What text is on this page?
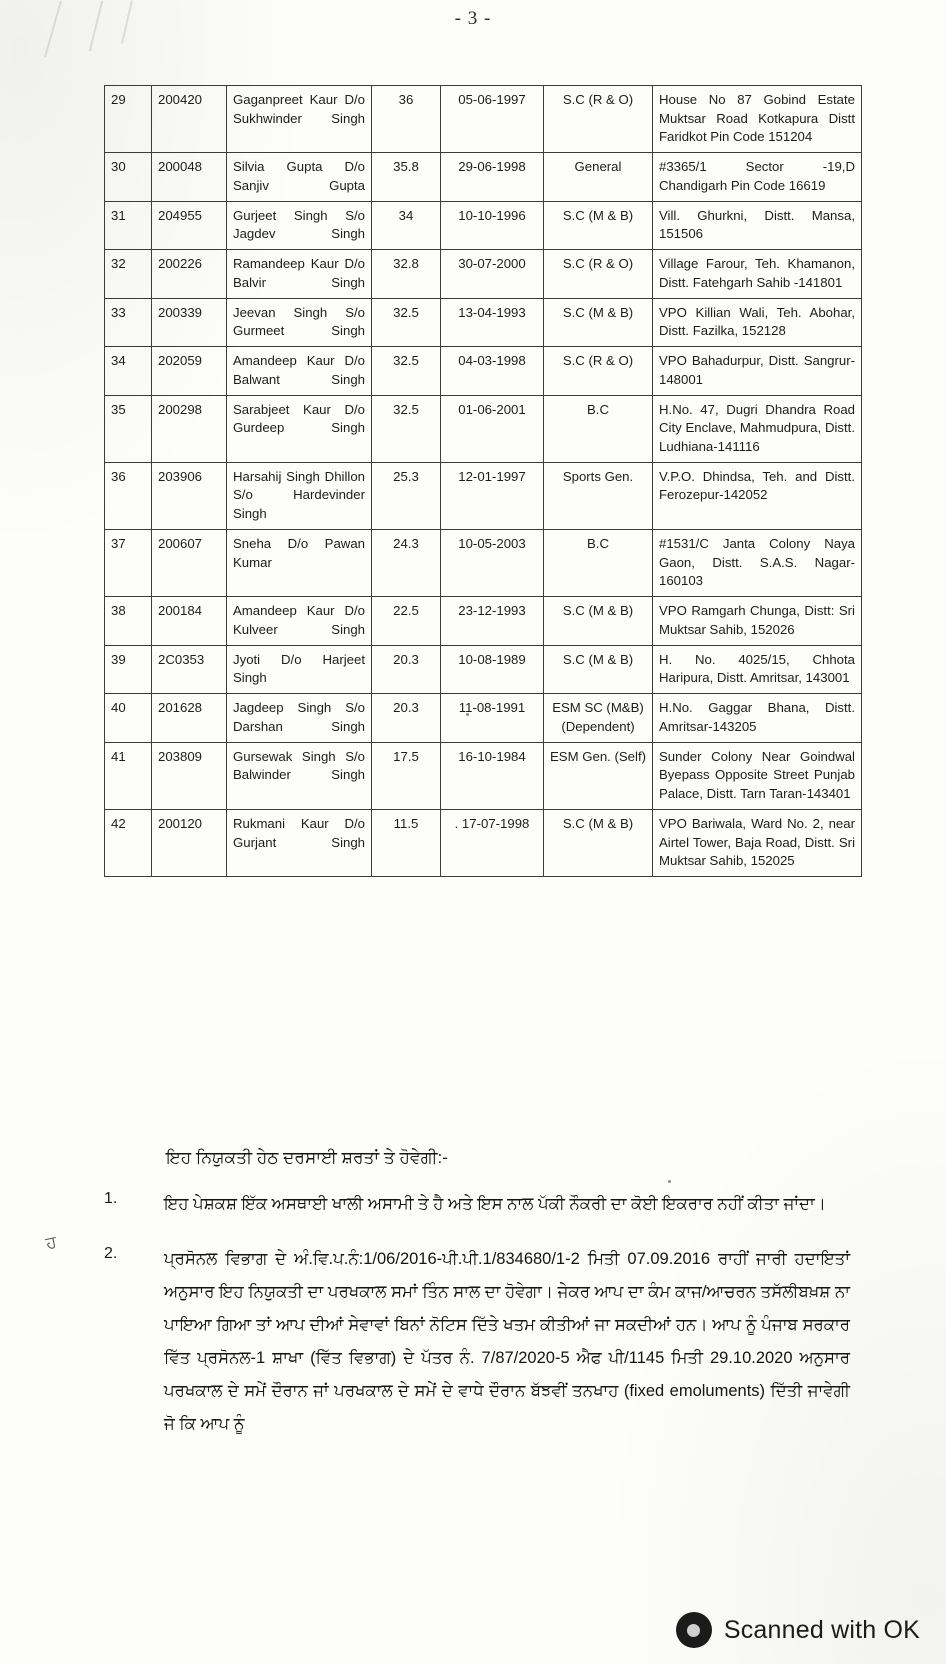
- 3 -
29	200420	Gaganpreet Kaur D/o Sukhwinder Singh	36	05-06-1997	S.C (R & O)	House No 87 Gobind Estate Muktsar Road Kotkapura Distt Faridkot Pin Code 151204
30	200048	Silvia Gupta D/o Sanjiv Gupta	35.8	29-06-1998	General	#3365/1 Sector -19,D Chandigarh Pin Code 16619
31	204955	Gurjeet Singh S/o Jagdev Singh	34	10-10-1996	S.C (M & B)	Vill. Ghurkni, Distt. Mansa, 151506
32	200226	Ramandeep Kaur D/o Balvir Singh	32.8	30-07-2000	S.C (R & O)	Village Farour, Teh. Khamanon, Distt. Fatehgarh Sahib -141801
33	200339	Jeevan Singh S/o Gurmeet Singh	32.5	13-04-1993	S.C (M & B)	VPO Killian Wali, Teh. Abohar, Distt. Fazilka, 152128
34	202059	Amandeep Kaur D/o Balwant Singh	32.5	04-03-1998	S.C (R & O)	VPO Bahadurpur, Distt. Sangrur-148001
35	200298	Sarabjeet Kaur D/o Gurdeep Singh	32.5	01-06-2001	B.C	H.No. 47, Dugri Dhandra Road City Enclave, Mahmudpura, Distt. Ludhiana-141116
36	203906	Harsahij Singh Dhillon S/o Hardevinder Singh	25.3	12-01-1997	Sports Gen.	V.P.O. Dhindsa, Teh. and Distt. Ferozepur-142052
37	200607	Sneha D/o Pawan Kumar	24.3	10-05-2003	B.C	#1531/C Janta Colony Naya Gaon, Distt. S.A.S. Nagar-160103
38	200184	Amandeep Kaur D/o Kulveer Singh	22.5	23-12-1993	S.C (M & B)	VPO Ramgarh Chunga, Distt: Sri Muktsar Sahib, 152026
39	2C0353	Jyoti D/o Harjeet Singh	20.3	10-08-1989	S.C (M & B)	H. No. 4025/15, Chhota Haripura, Distt. Amritsar, 143001
40	201628	Jagdeep Singh S/o Darshan Singh	20.3	11-08-1991	ESM SC (M&B) (Dependent)	H.No. Gaggar Bhana, Distt. Amritsar-143205
41	203809	Gursewak Singh S/o Balwinder Singh	17.5	16-10-1984	ESM Gen. (Self)	Sunder Colony Near Goindwal Byepass Opposite Street Punjab Palace, Distt. Tarn Taran-143401
42	200120	Rukmani Kaur D/o Gurjant Singh	11.5	. 17-07-1998	S.C (M & B)	VPO Bariwala, Ward No. 2, near Airtel Tower, Baja Road, Distt. Sri Muktsar Sahib, 152025
ਇਹ ਨਿਯੁਕਤੀ ਹੇਠ ਦਰਸਾਈ ਸ਼ਰਤਾਂ ਤੇ ਹੋਵੇਗੀ:-
ਹ
1.	ਇਹ ਪੇਸ਼ਕਸ਼ ਇੱਕ ਅਸਥਾਈ ਖਾਲੀ ਅਸਾਮੀ ਤੇ ਹੈ ਅਤੇ ਇਸ ਨਾਲ ਪੱਕੀ ਨੌਕਰੀ ਦਾ ਕੋਈ ਇਕਰਾਰ ਨਹੀਂ ਕੀਤਾ ਜਾਂਦਾ।
2.	ਪ੍ਰਸੋਨਲ ਵਿਭਾਗ ਦੇ ਅੰ.ਵਿ.ਪ.ਨੰ:1/06/2016-ਪੀ.ਪੀ.1/834680/1-2 ਮਿਤੀ 07.09.2016 ਰਾਹੀਂ ਜਾਰੀ ਹਦਾਇਤਾਂ ਅਨੁਸਾਰ ਇਹ ਨਿਯੁਕਤੀ ਦਾ ਪਰਖਕਾਲ ਸਮਾਂ ਤਿੰਨ ਸਾਲ ਦਾ ਹੋਵੇਗਾ। ਜੇਕਰ ਆਪ ਦਾ ਕੰਮ ਕਾਜ/ਆਚਰਨ ਤਸੱਲੀਬਖ਼ਸ਼ ਨਾ ਪਾਇਆ ਗਿਆ ਤਾਂ ਆਪ ਦੀਆਂ ਸੇਵਾਵਾਂ ਬਿਨਾਂ ਨੋਟਿਸ ਦਿੱਤੇ ਖਤਮ ਕੀਤੀਆਂ ਜਾ ਸਕਦੀਆਂ ਹਨ। ਆਪ ਨੂੰ ਪੰਜਾਬ ਸਰਕਾਰ ਵਿੱਤ ਪ੍ਰਸੋਨਲ-1 ਸ਼ਾਖਾ (ਵਿੱਤ ਵਿਭਾਗ) ਦੇ ਪੱਤਰ ਨੰ. 7/87/2020-5 ਐਫ ਪੀ/1145 ਮਿਤੀ 29.10.2020 ਅਨੁਸਾਰ ਪਰਖਕਾਲ ਦੇ ਸਮੇਂ ਦੌਰਾਨ ਜਾਂ ਪਰਖਕਾਲ ਦੇ ਸਮੇਂ ਦੇ ਵਾਧੇ ਦੌਰਾਨ ਬੱਝਵੀਂ ਤਨਖਾਹ (fixed emoluments) ਦਿੱਤੀ ਜਾਵੇਗੀ ਜੋ ਕਿ ਆਪ ਨੂੰ
Scanned with OK
